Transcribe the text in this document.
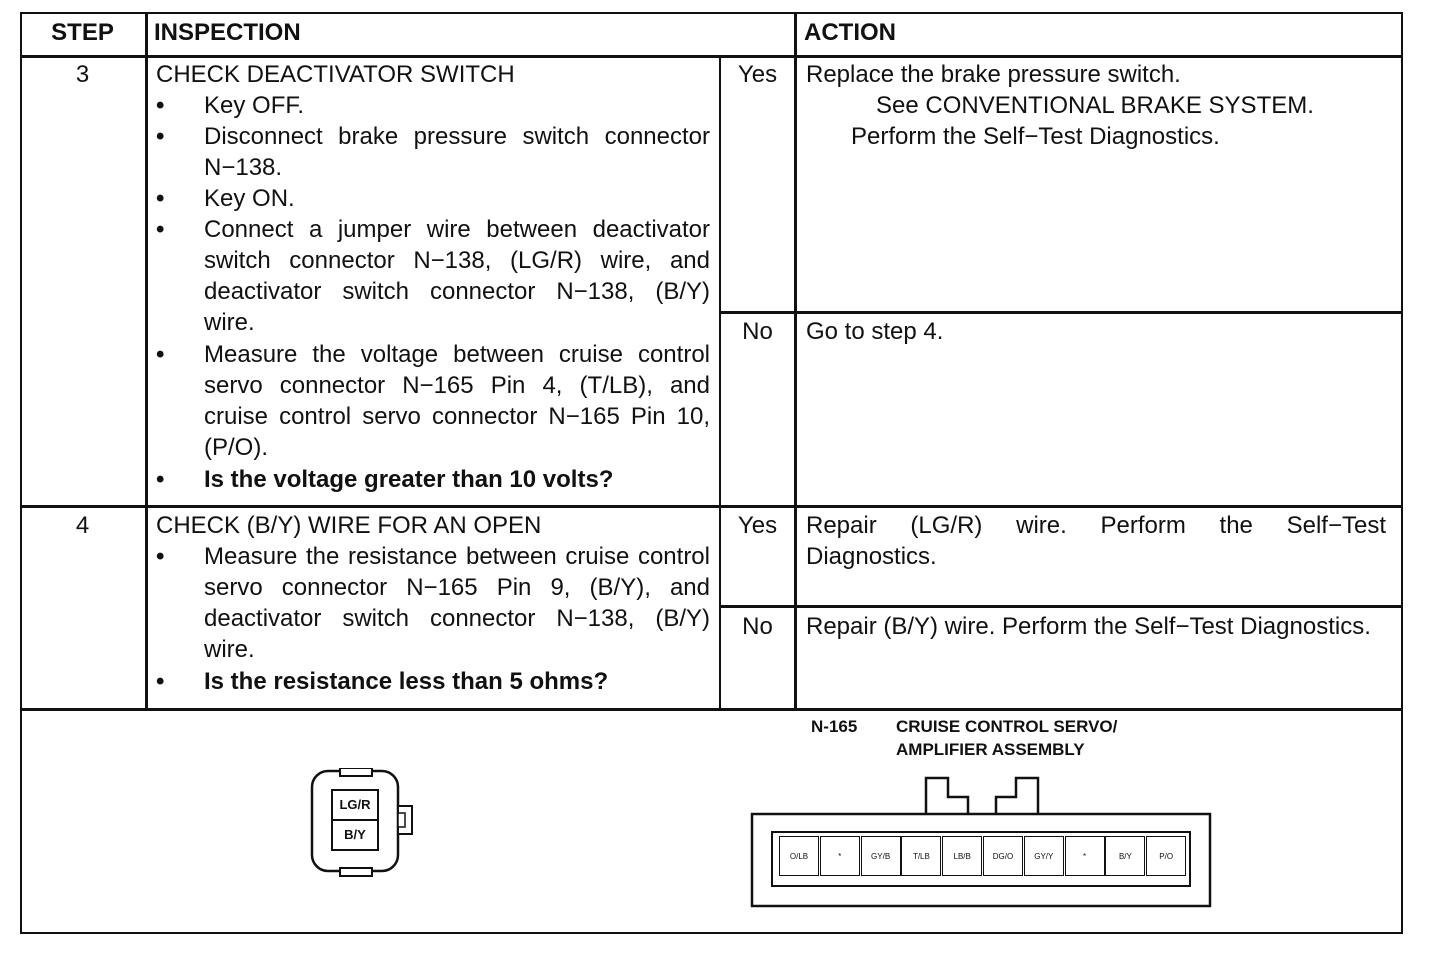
STEP	INSPECTION	ACTION
3	CHECK DEACTIVATOR SWITCH
•	Key OFF.
•	Disconnect brake pressure switch connector N−138.
•	Key ON.
•	Connect a jumper wire between deactivator switch connector N−138, (LG/R) wire, and deactivator switch connector N−138, (B/Y) wire.
•	Measure the voltage between cruise control servo connector N−165 Pin 4, (T/LB), and cruise control servo connector N−165 Pin 10, (P/O).
•	Is the voltage greater than 10 volts?
Yes	Replace the brake pressure switch.
See CONVENTIONAL BRAKE SYSTEM.
Perform the Self−Test Diagnostics.
No	Go to step 4.
4	CHECK (B/Y) WIRE FOR AN OPEN
•	Measure the resistance between cruise control servo connector N−165 Pin 9, (B/Y), and deactivator switch connector N−138, (B/Y) wire.
•	Is the resistance less than 5 ohms?
Yes	Repair (LG/R) wire. Perform the Self−Test Diagnostics.
No	Repair (B/Y) wire. Perform the Self−Test Diagnostics.
LG/R
B/Y
N-165 CRUISE CONTROL SERVO/
AMPLIFIER ASSEMBLY
O/LB	*	GY/B	T/LB	LB/B	DG/O	GY/Y	*	B/Y	P/O
